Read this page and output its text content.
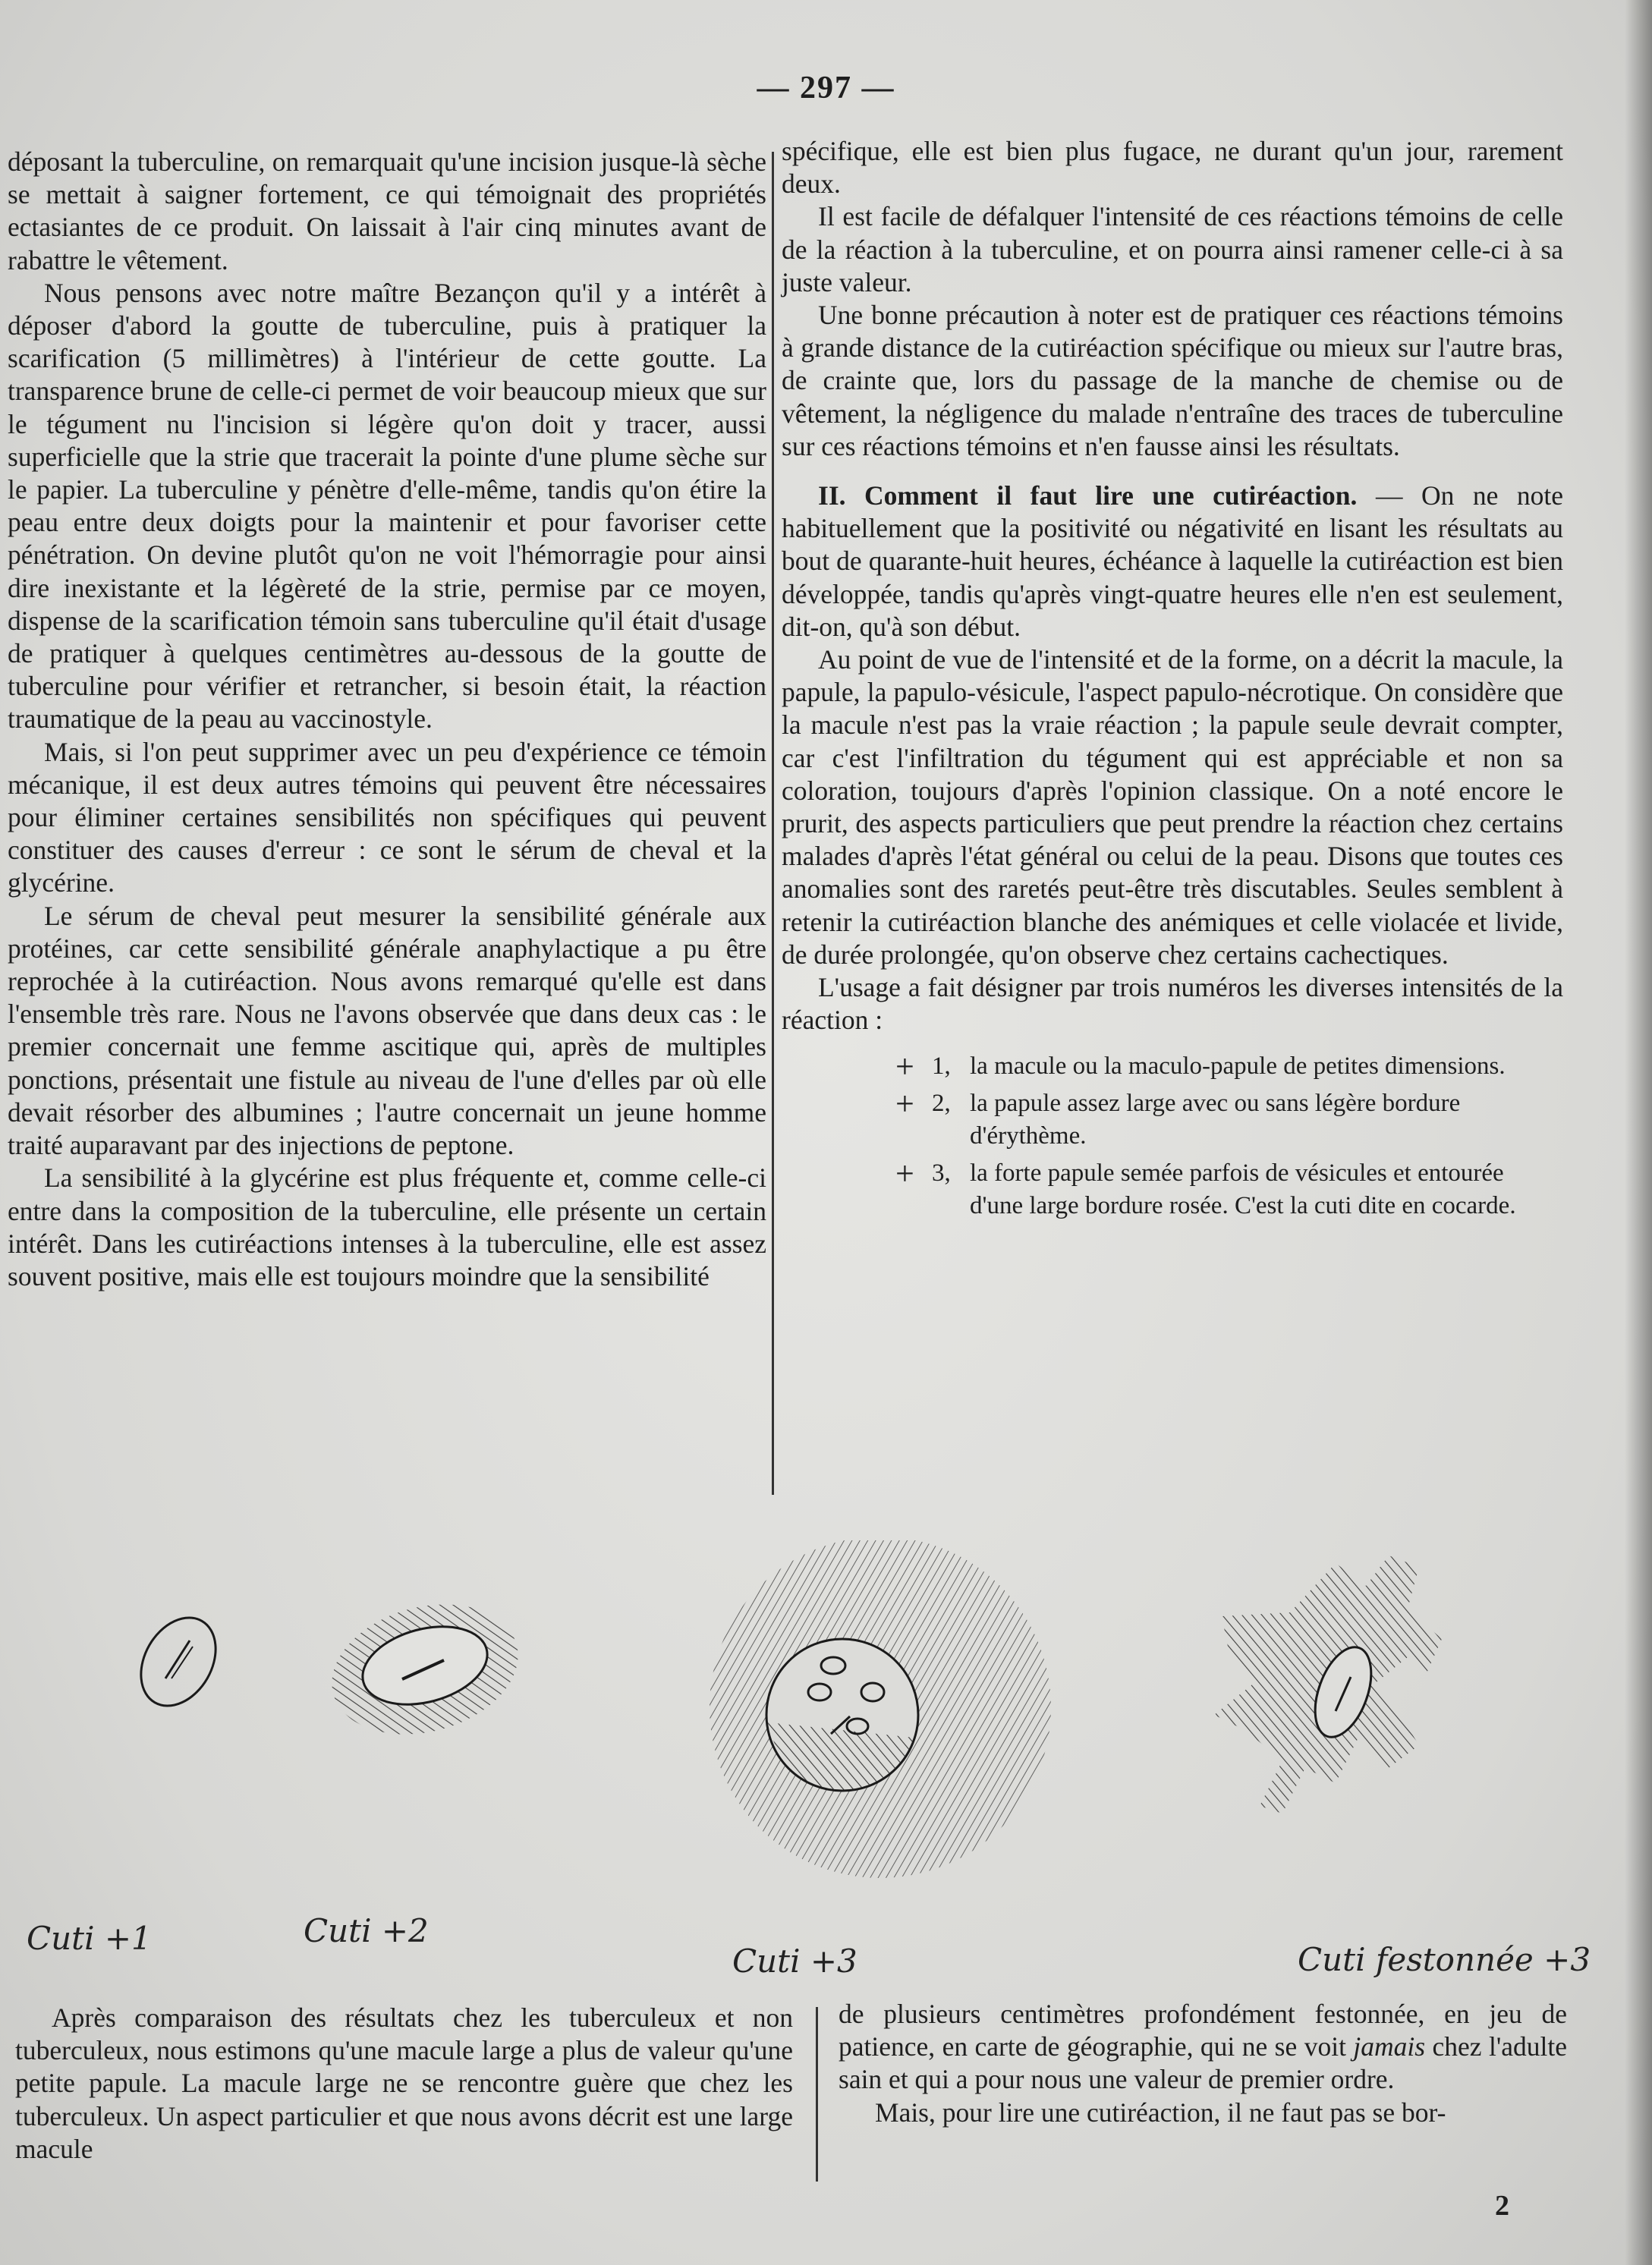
— 297 —

déposant la tuberculine, on remarquait qu'une incision jusque-là sèche se mettait à saigner fortement, ce qui témoignait des propriétés ectasiantes de ce produit. On laissait à l'air cinq minutes avant de rabattre le vêtement.

Nous pensons avec notre maître Bezançon qu'il y a intérêt à déposer d'abord la goutte de tuberculine, puis à pratiquer la scarification (5 millimètres) à l'intérieur de cette goutte. La transparence brune de celle-ci permet de voir beaucoup mieux que sur le tégument nu l'incision si légère qu'on doit y tracer, aussi superficielle que la strie que tracerait la pointe d'une plume sèche sur le papier. La tuberculine y pénètre d'elle-même, tandis qu'on étire la peau entre deux doigts pour la maintenir et pour favoriser cette pénétration. On devine plutôt qu'on ne voit l'hémorragie pour ainsi dire inexistante et la légèreté de la strie, permise par ce moyen, dispense de la scarification témoin sans tuberculine qu'il était d'usage de pratiquer à quelques centimètres au-dessous de la goutte de tuberculine pour vérifier et retrancher, si besoin était, la réaction traumatique de la peau au vaccinostyle.

Mais, si l'on peut supprimer avec un peu d'expérience ce témoin mécanique, il est deux autres témoins qui peuvent être nécessaires pour éliminer certaines sensibilités non spécifiques qui peuvent constituer des causes d'erreur : ce sont le sérum de cheval et la glycérine.

Le sérum de cheval peut mesurer la sensibilité générale aux protéines, car cette sensibilité générale anaphylactique a pu être reprochée à la cutiréaction. Nous avons remarqué qu'elle est dans l'ensemble très rare. Nous ne l'avons observée que dans deux cas : le premier concernait une femme ascitique qui, après de multiples ponctions, présentait une fistule au niveau de l'une d'elles par où elle devait résorber des albumines ; l'autre concernait un jeune homme traité auparavant par des injections de peptone.

La sensibilité à la glycérine est plus fréquente et, comme celle-ci entre dans la composition de la tuberculine, elle présente un certain intérêt. Dans les cutiréactions intenses à la tuberculine, elle est assez souvent positive, mais elle est toujours moindre que la sensibilité

spécifique, elle est bien plus fugace, ne durant qu'un jour, rarement deux.

Il est facile de défalquer l'intensité de ces réactions témoins de celle de la réaction à la tuberculine, et on pourra ainsi ramener celle-ci à sa juste valeur.

Une bonne précaution à noter est de pratiquer ces réactions témoins à grande distance de la cutiréaction spécifique ou mieux sur l'autre bras, de crainte que, lors du passage de la manche de chemise ou de vêtement, la négligence du malade n'entraîne des traces de tuberculine sur ces réactions témoins et n'en fausse ainsi les résultats.

II. Comment il faut lire une cutiréaction. — On ne note habituellement que la positivité ou négativité en lisant les résultats au bout de quarante-huit heures, échéance à laquelle la cutiréaction est bien développée, tandis qu'après vingt-quatre heures elle n'en est seulement, dit-on, qu'à son début.

Au point de vue de l'intensité et de la forme, on a décrit la macule, la papule, la papulo-vésicule, l'aspect papulo-nécrotique. On considère que la macule n'est pas la vraie réaction ; la papule seule devrait compter, car c'est l'infiltration du tégument qui est appréciable et non sa coloration, toujours d'après l'opinion classique. On a noté encore le prurit, des aspects particuliers que peut prendre la réaction chez certains malades d'après l'état général ou celui de la peau. Disons que toutes ces anomalies sont des raretés peut-être très discutables. Seules semblent à retenir la cutiréaction blanche des anémiques et celle violacée et livide, de durée prolongée, qu'on observe chez certains cachectiques.

L'usage a fait désigner par trois numéros les diverses intensités de la réaction :

+ 1, la macule ou la maculo-papule de petites dimensions.
+ 2, la papule assez large avec ou sans légère bordure d'érythème.
+ 3, la forte papule semée parfois de vésicules et entourée d'une large bordure rosée. C'est la cuti dite en cocarde.
Cuti +1	Cuti +2
Cuti +3	Cuti festonnée +3

Après comparaison des résultats chez les tuberculeux et non tuberculeux, nous estimons qu'une macule large a plus de valeur qu'une petite papule. La macule large ne se rencontre guère que chez les tuberculeux. Un aspect particulier et que nous avons décrit est une large macule

de plusieurs centimètres profondément festonnée, en jeu de patience, en carte de géographie, qui ne se voit jamais chez l'adulte sain et qui a pour nous une valeur de premier ordre.

Mais, pour lire une cutiréaction, il ne faut pas se bor-

2
